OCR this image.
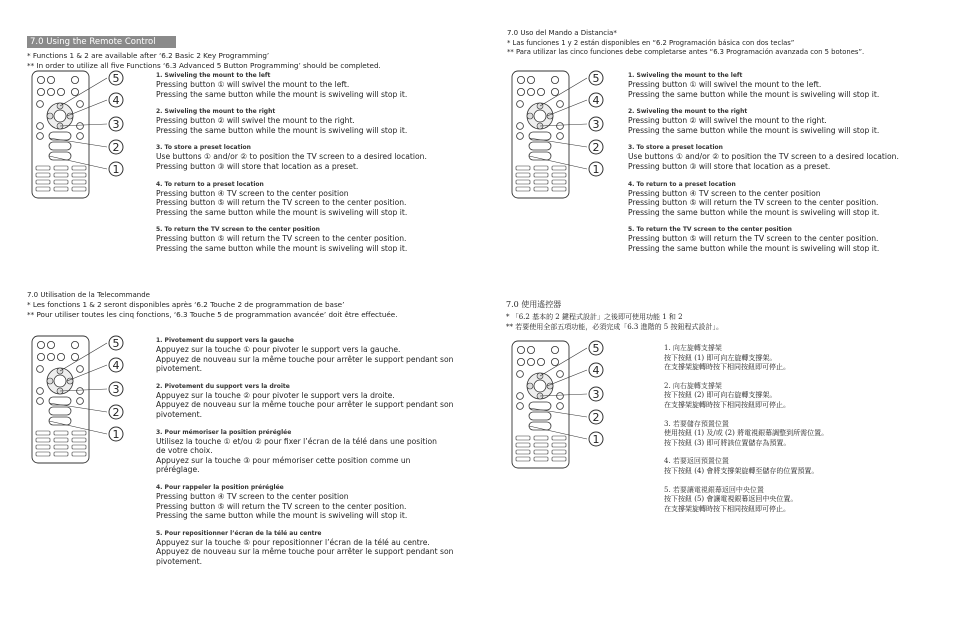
7.0 Using the Remote Control
* Functions 1 & 2 are available after ‘6.2 Basic 2 Key Programming’
** In order to utilize all five Functions ‘6.3 Advanced 5 Button Programming’ should be completed.
5
4
3
2
1
1. Swiveling the mount to the left
Pressing button ① will swivel the mount to the left.
Pressing the same button while the mount is swiveling will stop it.
2. Swiveling the mount to the right
Pressing button ② will swivel the mount to the right.
Pressing the same button while the mount is swiveling will stop it.
3. To store a preset location
Use buttons ① and/or ② to position the TV screen to a desired location.
Pressing button ③ will store that location as a preset.
4. To return to a preset location
Pressing button ④ TV screen to the center position
Pressing button ⑤ will return the TV screen to the center position.
Pressing the same button while the mount is swiveling will stop it.
5. To return the TV screen to the center position
Pressing button ⑤ will return the TV screen to the center position.
Pressing the same button while the mount is swiveling will stop it.
7.0 Utilisation de la Telecommande
* Les fonctions 1 & 2 seront disponibles après ‘6.2 Touche 2 de programmation de base’
** Pour utiliser toutes les cinq fonctions, ‘6.3 Touche 5 de programmation avancée’ doit être effectuée.
5
4
3
2
1
1. Pivotement du support vers la gauche
Appuyez sur la touche ① pour pivoter le support vers la gauche.
Appuyez de nouveau sur la même touche pour arrêter le support pendant son
pivotement.
2. Pivotement du support vers la droite
Appuyez sur la touche ② pour pivoter le support vers la droite.
Appuyez de nouveau sur la même touche pour arrêter le support pendant son
pivotement.
3. Pour mémoriser la position préréglée
Utilisez la touche ① et/ou ② pour fixer l’écran de la télé dans une position
de votre choix.
Appuyez sur la touche ③ pour mémoriser cette position comme un
préréglage.
4. Pour rappeler la position préréglée
Pressing button ④ TV screen to the center position
Pressing button ⑤ will return the TV screen to the center position.
Pressing the same button while the mount is swiveling will stop it.
5. Pour repositionner l’écran de la télé au centre
Appuyez sur la touche ⑤ pour repositionner l’écran de la télé au centre.
Appuyez de nouveau sur la même touche pour arrêter le support pendant son
pivotement.
7.0 Uso del Mando a Distancia*
* Las funciones 1 y 2 están disponibles en “6.2 Programación básica con dos teclas”
** Para utilizar las cinco funciones debe completarse antes “6.3 Programación avanzada con 5 botones”.
5
4
3
2
1
1. Swiveling the mount to the left
Pressing button ① will swivel the mount to the left.
Pressing the same button while the mount is swiveling will stop it.
2. Swiveling the mount to the right
Pressing button ② will swivel the mount to the right.
Pressing the same button while the mount is swiveling will stop it.
3. To store a preset location
Use buttons ① and/or ② to position the TV screen to a desired location.
Pressing button ③ will store that location as a preset.
4. To return to a preset location
Pressing button ④ TV screen to the center position
Pressing button ⑤ will return the TV screen to the center position.
Pressing the same button while the mount is swiveling will stop it.
5. To return the TV screen to the center position
Pressing button ⑤ will return the TV screen to the center position.
Pressing the same button while the mount is swiveling will stop it.
7.0 使用遙控器
* 「6.2 基本的 2 鍵程式設計」之後即可使用功能 1 和 2
** 若要使用全部五項功能，必須完成「6.3 進階的 5 按鈕程式設計」。
5
4
3
2
1
1. 向左旋轉支撐架
按下按鈕 (1) 即可向左旋轉支撐架。
在支撐架旋轉時按下相同按鈕即可停止。
2. 向右旋轉支撐架
按下按鈕 (2) 即可向右旋轉支撐架。
在支撐架旋轉時按下相同按鈕即可停止。
3. 若要儲存預置位置
使用按鈕 (1) 及/或 (2) 將電視銀幕調整到所需位置。
按下按鈕 (3) 即可將該位置儲存為預置。
4. 若要返回預置位置
按下按鈕 (4) 會將支撐架旋轉至儲存的位置預置。
5. 若要讓電視銀幕返回中央位置
按下按鈕 (5) 會讓電視銀幕返回中央位置。
在支撐架旋轉時按下相同按鈕即可停止。
